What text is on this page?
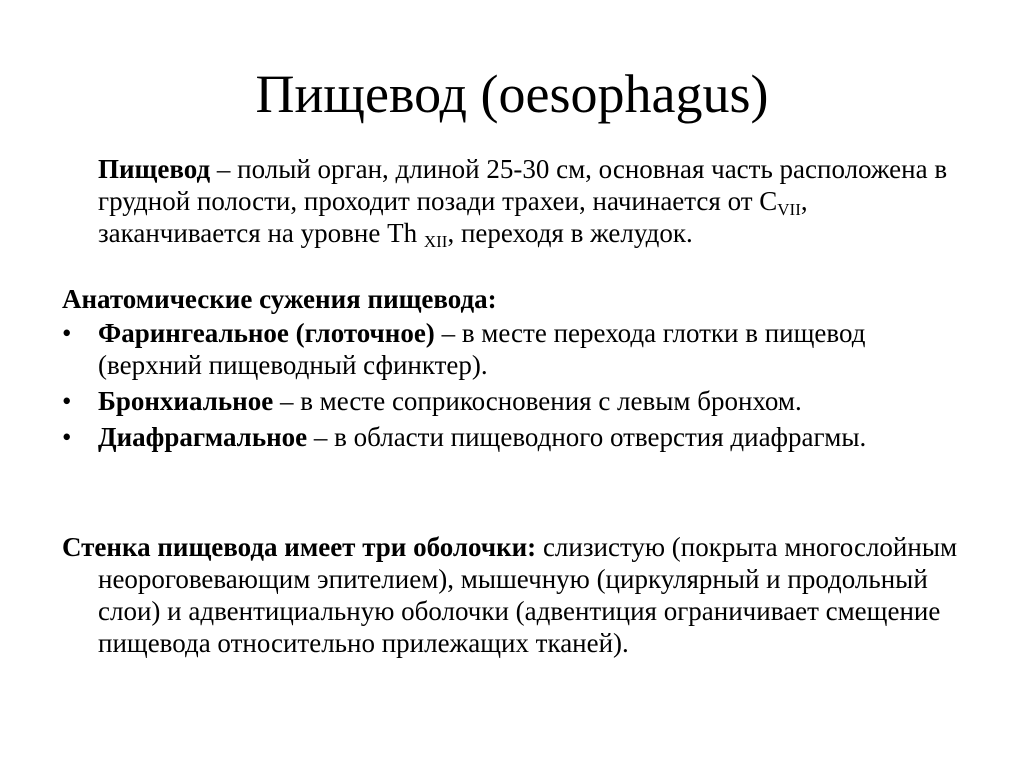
Пищевод (oesophagus)
Пищевод – полый орган, длиной 25-30 см, основная часть расположена в грудной полости, проходит позади трахеи, начинается от $C_{VII}$, заканчивается на уровне Th $_{XII}$, переходя в желудок.
Анатомические сужения пищевода:
• Фарингеальное (глоточное) – в месте перехода глотки в пищевод (верхний пищеводный сфинктер).
• Бронхиальное – в месте соприкосновения с левым бронхом.
• Диафрагмальное – в области пищеводного отверстия диафрагмы.
Стенка пищевода имеет три оболочки: слизистую (покрыта многослойным неороговевающим эпителием), мышечную (циркулярный и продольный слои) и адвентициальную оболочки (адвентиция ограничивает смещение пищевода относительно прилежащих тканей).
